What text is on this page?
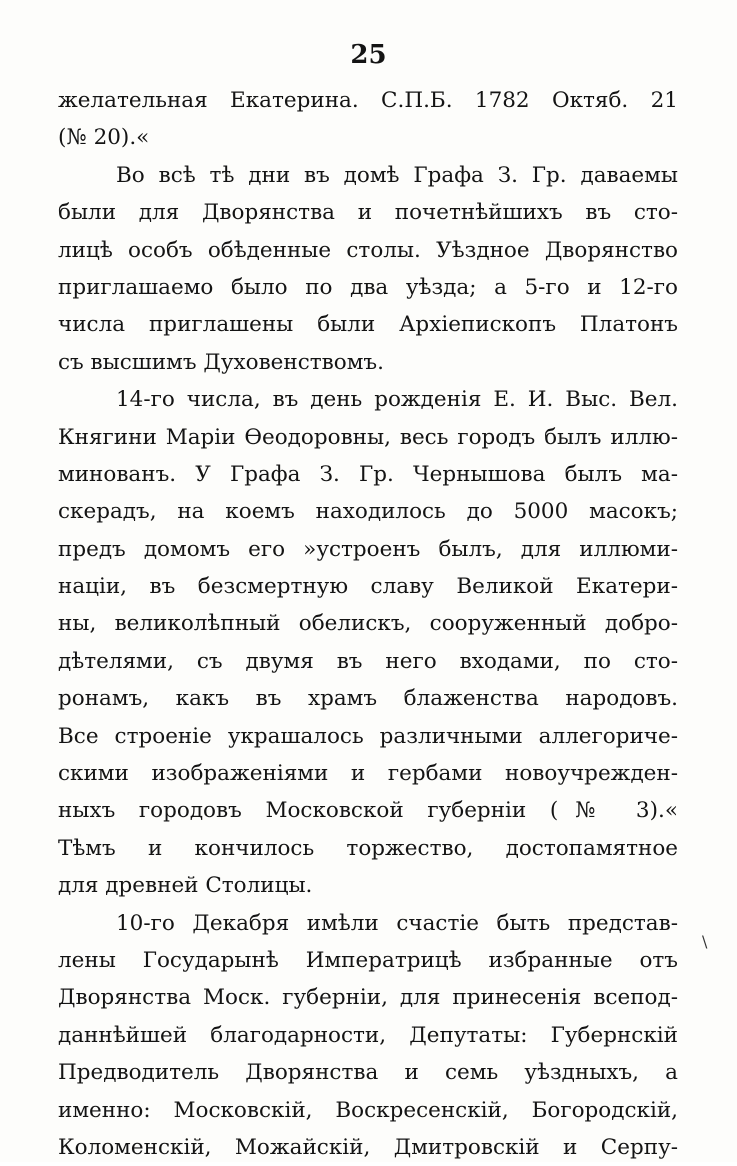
25
желательная Екатерина. С.П.Б. 1782 Октяб. 21
(№ 20).«
Во всѣ тѣ дни въ домѣ Графа З. Гр. даваемы
были для Дворянства и почетнѣйшихъ въ сто-
лицѣ особъ обѣденные столы. Уѣздное Дворянство
приглашаемо было по два уѣзда; а 5-го и 12-го
числа приглашены были Архіепископъ Платонъ
съ высшимъ Духовенствомъ.
14-го числа, въ день рожденія Е. И. Выс. Вел.
Княгини Маріи Ѳеодоровны, весь городъ былъ иллю-
минованъ. У Графа З. Гр. Чернышова былъ ма-
скерадъ, на коемъ находилось до 5000 масокъ;
предъ домомъ его »устроенъ былъ, для иллюми-
націи, въ безсмертную славу Великой Екатери-
ны, великолѣпный обелискъ, сооруженный добро-
дѣтелями, съ двумя въ него входами, по сто-
ронамъ, какъ въ храмъ блаженства народовъ.
Все строеніе украшалось различными аллегориче-
скими изображеніями и гербами новоучрежден-
ныхъ городовъ Московской губерніи (№ 3).«
Тѣмъ и кончилось торжество, достопамятное
для древней Столицы.
10-го Декабря имѣли счастіе быть представ-
лены Государынѣ Императрицѣ избранные отъ
Дворянства Моск. губерніи, для принесенія всепод-
даннѣйшей благодарности, Депутаты: Губернскій
Предводитель Дворянства и семь уѣздныхъ, а
именно: Московскій, Воскресенскій, Богородскій,
Коломенскій, Можайскій, Дмитровскій и Серпу-
\
